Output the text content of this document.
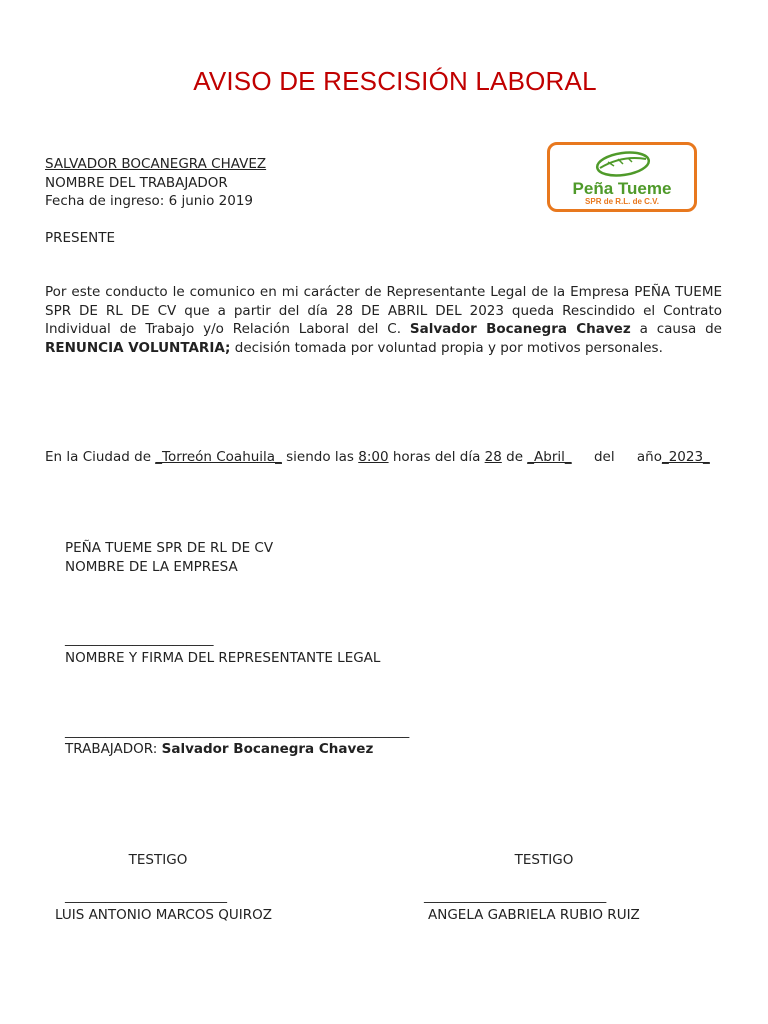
AVISO DE RESCISIÓN LABORAL
SALVADOR BOCANEGRA CHAVEZ
NOMBRE DEL TRABAJADOR
Fecha de ingreso: 6 junio 2019
Peña Tueme
SPR de R.L. de C.V.
PRESENTE
Por este conducto le comunico en mi carácter de Representante Legal de la Empresa PEÑA TUEME SPR DE RL DE CV que a partir del día 28 DE ABRIL DEL 2023 queda Rescindido el Contrato Individual de Trabajo y/o Relación Laboral del C. Salvador Bocanegra Chavez a causa de RENUNCIA VOLUNTARIA; decisión tomada por voluntad propia y por motivos personales.
En la Ciudad de _Torreón Coahuila_ siendo las 8:00 horas del día 28 de _Abril_ del año_2023_
PEÑA TUEME SPR DE RL DE CV
NOMBRE DE LA EMPRESA
______________________
NOMBRE Y FIRMA DEL REPRESENTANTE LEGAL
___________________________________________________
TRABAJADOR: Salvador Bocanegra Chavez
TESTIGO
________________________
LUIS ANTONIO MARCOS QUIROZ
TESTIGO
___________________________
ANGELA GABRIELA RUBIO RUIZ
